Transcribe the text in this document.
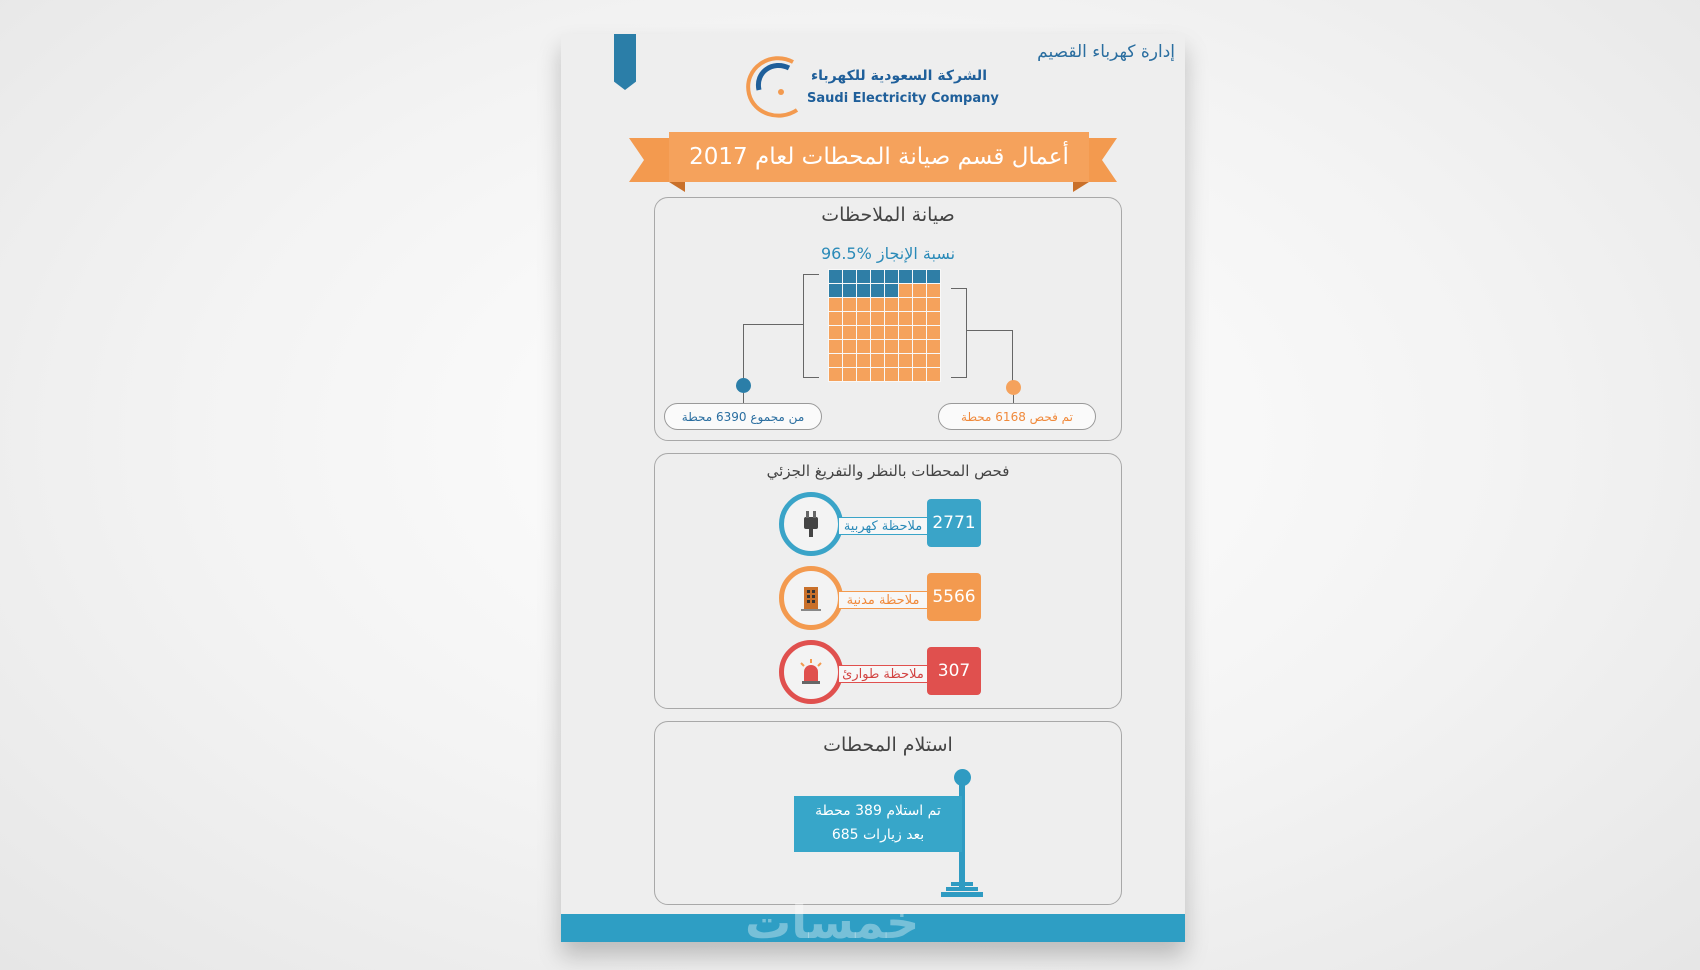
إدارة كهرباء القصيم
الشركة السعودية للكهرباء
Saudi Electricity Company
أعمال قسم صيانة المحطات لعام 2017
صيانة الملاحظات
نسبة الإنجاز %96.5
من مجموع 6390 محطة	تم فحص 6168 محطة
فحص المحطات بالنظر والتفريغ الجزئي
ملاحظة كهربية 2771
ملاحظة مدنية 5566
ملاحظة طوارئ 307
استلام المحطات
تم استلام 389 محطة
بعد زيارات 685
خمسات
